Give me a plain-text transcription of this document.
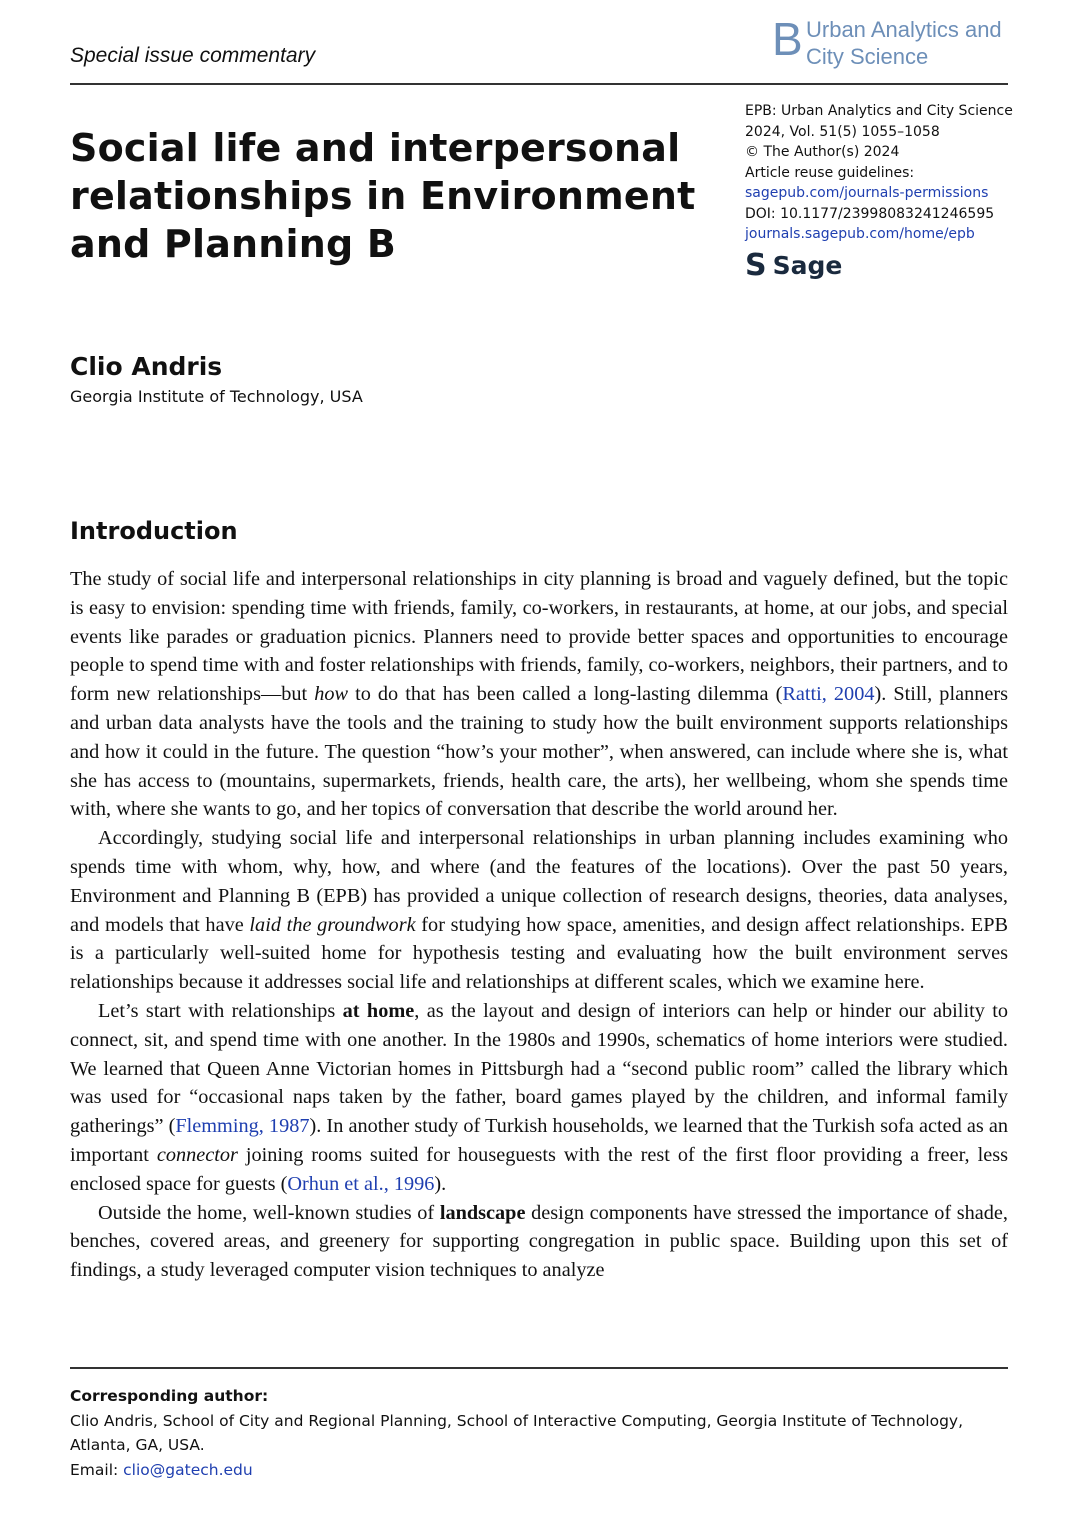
Special issue commentary	B Urban Analytics and
City Science
Social life and interpersonal relationships in Environment and Planning B
EPB: Urban Analytics and City Science
2024, Vol. 51(5) 1055–1058
© The Author(s) 2024
Article reuse guidelines:
sagepub.com/journals-permissions
DOI: 10.1177/23998083241246595
journals.sagepub.com/home/epb
S Sage
Clio Andris
Georgia Institute of Technology, USA
Introduction

The study of social life and interpersonal relationships in city planning is broad and vaguely defined, but the topic is easy to envision: spending time with friends, family, co-workers, in restaurants, at home, at our jobs, and special events like parades or graduation picnics. Planners need to provide better spaces and opportunities to encourage people to spend time with and foster relationships with friends, family, co-workers, neighbors, their partners, and to form new relationships—but how to do that has been called a long-lasting dilemma (Ratti, 2004). Still, planners and urban data analysts have the tools and the training to study how the built environment supports relationships and how it could in the future. The question “how’s your mother”, when answered, can include where she is, what she has access to (mountains, supermarkets, friends, health care, the arts), her wellbeing, whom she spends time with, where she wants to go, and her topics of conversation that describe the world around her.

Accordingly, studying social life and interpersonal relationships in urban planning includes examining who spends time with whom, why, how, and where (and the features of the locations). Over the past 50 years, Environment and Planning B (EPB) has provided a unique collection of research designs, theories, data analyses, and models that have laid the groundwork for studying how space, amenities, and design affect relationships. EPB is a particularly well-suited home for hypothesis testing and evaluating how the built environment serves relationships because it addresses social life and relationships at different scales, which we examine here.

Let’s start with relationships at home, as the layout and design of interiors can help or hinder our ability to connect, sit, and spend time with one another. In the 1980s and 1990s, schematics of home interiors were studied. We learned that Queen Anne Victorian homes in Pittsburgh had a “second public room” called the library which was used for “occasional naps taken by the father, board games played by the children, and informal family gatherings” (Flemming, 1987). In another study of Turkish households, we learned that the Turkish sofa acted as an important connector joining rooms suited for houseguests with the rest of the first floor providing a freer, less enclosed space for guests (Orhun et al., 1996).

Outside the home, well-known studies of landscape design components have stressed the importance of shade, benches, covered areas, and greenery for supporting congregation in public space. Building upon this set of findings, a study leveraged computer vision techniques to analyze

Corresponding author:
Clio Andris, School of City and Regional Planning, School of Interactive Computing, Georgia Institute of Technology,
Atlanta, GA, USA.
Email: clio@gatech.edu
